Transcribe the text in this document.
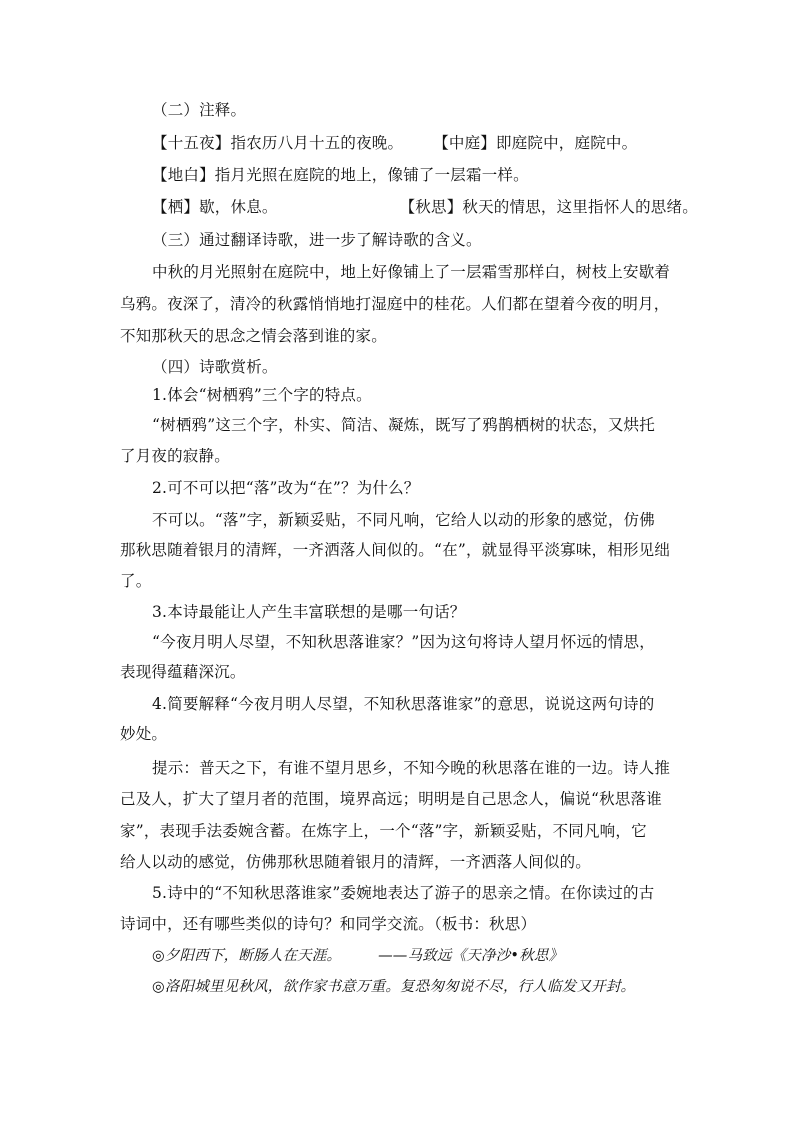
（二）注释。
【十五夜】指农历八月十五的夜晚。 【中庭】即庭院中，庭院中。
【地白】指月光照在庭院的地上，像铺了一层霜一样。
【栖】歇，休息。	【秋思】秋天的情思，这里指怀人的思绪。
（三）通过翻译诗歌，进一步了解诗歌的含义。
中秋的月光照射在庭院中，地上好像铺上了一层霜雪那样白，树枝上安歇着
乌鸦。夜深了，清冷的秋露悄悄地打湿庭中的桂花。人们都在望着今夜的明月，
不知那秋天的思念之情会落到谁的家。
（四）诗歌赏析。
1.体会“树栖鸦”三个字的特点。
“树栖鸦”这三个字，朴实、简洁、凝炼，既写了鸦鹊栖树的状态，又烘托
了月夜的寂静。
2.可不可以把“落”改为“在”？为什么？
不可以。“落”字，新颖妥贴，不同凡响，它给人以动的形象的感觉，仿佛
那秋思随着银月的清辉，一齐洒落人间似的。“在”，就显得平淡寡味，相形见绌
了。
3.本诗最能让人产生丰富联想的是哪一句话？
“今夜月明人尽望，不知秋思落谁家？”因为这句将诗人望月怀远的情思，
表现得蕴藉深沉。
4.简要解释“今夜月明人尽望，不知秋思落谁家”的意思，说说这两句诗的
妙处。
提示：普天之下，有谁不望月思乡，不知今晚的秋思落在谁的一边。诗人推
己及人，扩大了望月者的范围，境界高远；明明是自己思念人，偏说“秋思落谁
家”，表现手法委婉含蓄。在炼字上，一个“落”字，新颖妥贴，不同凡响，它
给人以动的感觉，仿佛那秋思随着银月的清辉，一齐洒落人间似的。
5.诗中的“不知秋思落谁家”委婉地表达了游子的思亲之情。在你读过的古
诗词中，还有哪些类似的诗句？和同学交流。（板书：秋思）
◎夕阳西下，断肠人在天涯。　　　——马致远《天净沙•秋思》
◎洛阳城里见秋风，欲作家书意万重。复恐匆匆说不尽，行人临发又开封。
